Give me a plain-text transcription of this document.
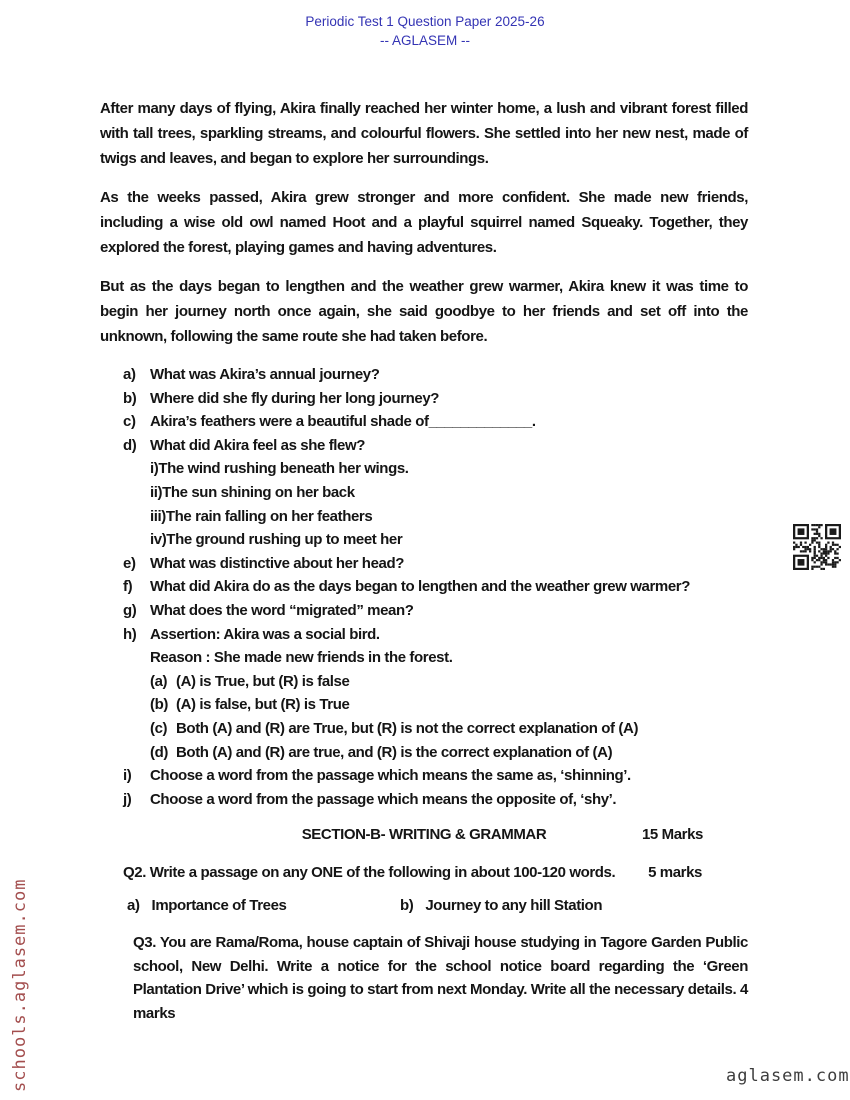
Periodic Test 1 Question Paper 2025-26
-- AGLASEM --

After many days of flying, Akira finally reached her winter home, a lush and vibrant forest filled with tall trees, sparkling streams, and colourful flowers. She settled into her new nest, made of twigs and leaves, and began to explore her surroundings.

As the weeks passed, Akira grew stronger and more confident. She made new friends, including a wise old owl named Hoot and a playful squirrel named Squeaky. Together, they explored the forest, playing games and having adventures.

But as the days began to lengthen and the weather grew warmer, Akira knew it was time to begin her journey north once again, she said goodbye to her friends and set off into the unknown, following the same route she had taken before.

a) What was Akira’s annual journey?
b) Where did she fly during her long journey?
c) Akira’s feathers were a beautiful shade of_____________.
d) What did Akira feel as she flew?
i)The wind rushing beneath her wings.
ii)The sun shining on her back
iii)The rain falling on her feathers
iv)The ground rushing up to meet her
e) What was distinctive about her head?
f)	What did Akira do as the days began to lengthen and the weather grew warmer?
g) What does the word “migrated” mean?
h) Assertion: Akira was a social bird.
Reason : She made new friends in the forest.
(a) (A) is True, but (R) is false
(b) (A) is false, but (R) is True
(c) Both (A) and (R) are True, but (R) is not the correct explanation of (A)
(d) Both (A) and (R) are true, and (R) is the correct explanation of (A)
i)	Choose a word from the passage which means the same as, ‘shinning’.
j)	Choose a word from the passage which means the opposite of, ‘shy’.
SECTION-B- WRITING & GRAMMAR	15 Marks
Q2. Write a passage on any ONE of the following in about 100-120 words. 5 marks
a) Importance of Trees	b) Journey to any hill Station

Q3. You are Rama/Roma, house captain of Shivaji house studying in Tagore Garden Public school, New Delhi. Write a notice for the school notice board regarding the ‘Green Plantation Drive’ which is going to start from next Monday. Write all the necessary details. 4 marks

schools.aglasem.com	aglasem.com
